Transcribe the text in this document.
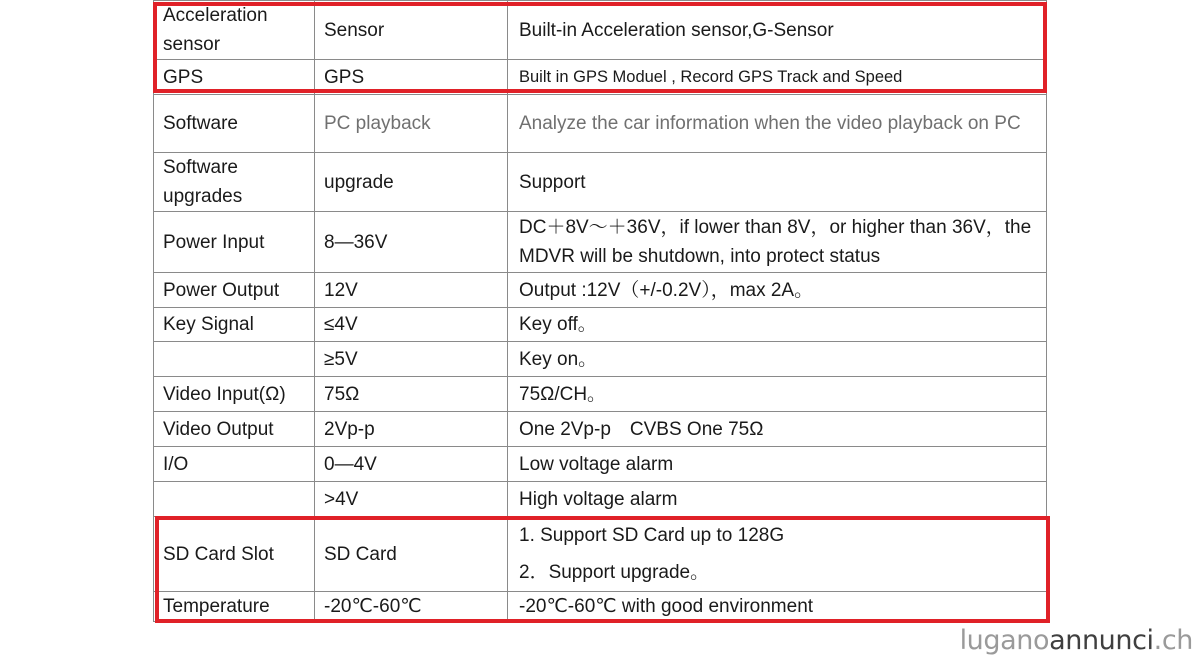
Acceleration sensor	Sensor	Built-in Acceleration sensor,G-Sensor
GPS	GPS	Built in GPS Moduel , Record GPS Track and Speed
Software	PC playback	Analyze the car information when the video playback on PC
Software upgrades	upgrade	Support
Power Input	8—36V	DC＋8V～＋36V，if lower than 8V，or higher than 36V，the MDVR will be shutdown, into protect status
Power Output	12V	Output :12V（+/-0.2V），max 2A。
Key Signal	≤4V	Key off。
	≥5V	Key on。
Video Input(Ω)	75Ω	75Ω/CH。
Video Output	2Vp-p	One 2Vp-p　CVBS One 75Ω
I/O	0—4V	Low voltage alarm
	>4V	High voltage alarm
SD Card Slot	SD Card	1. Support SD Card up to 128G
2．Support upgrade。

Temperature	-20℃-60℃	-20℃-60℃ with good environment
luganoannunci.ch
